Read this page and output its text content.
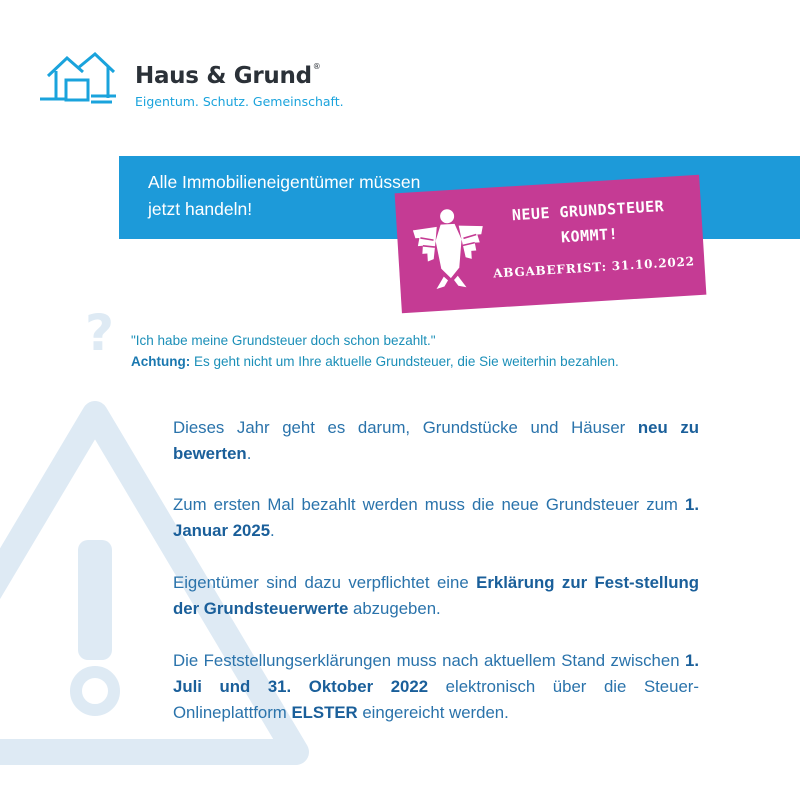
Haus & Grund®
Eigentum. Schutz. Gemeinschaft.
Alle Immobilieneigentümer müssen
jetzt handeln!	NEUE GRUNDSTEUER
KOMMT!
ABGABEFRIST: 31.10.2022
? "Ich habe meine Grundsteuer doch schon bezahlt."
Achtung: Es geht nicht um Ihre aktuelle Grundsteuer, die Sie weiterhin bezahlen.
Dieses Jahr geht es darum, Grundstücke und Häuser neu zu bewerten.
Zum ersten Mal bezahlt werden muss die neue Grundsteuer zum 1. Januar 2025.
Eigentümer sind dazu verpflichtet eine Erklärung zur Fest-stellung der Grundsteuerwerte abzugeben.
Die Feststellungserklärungen muss nach aktuellem Stand zwischen 1. Juli und 31. Oktober 2022 elektronisch über die Steuer-Onlineplattform ELSTER eingereicht werden.
